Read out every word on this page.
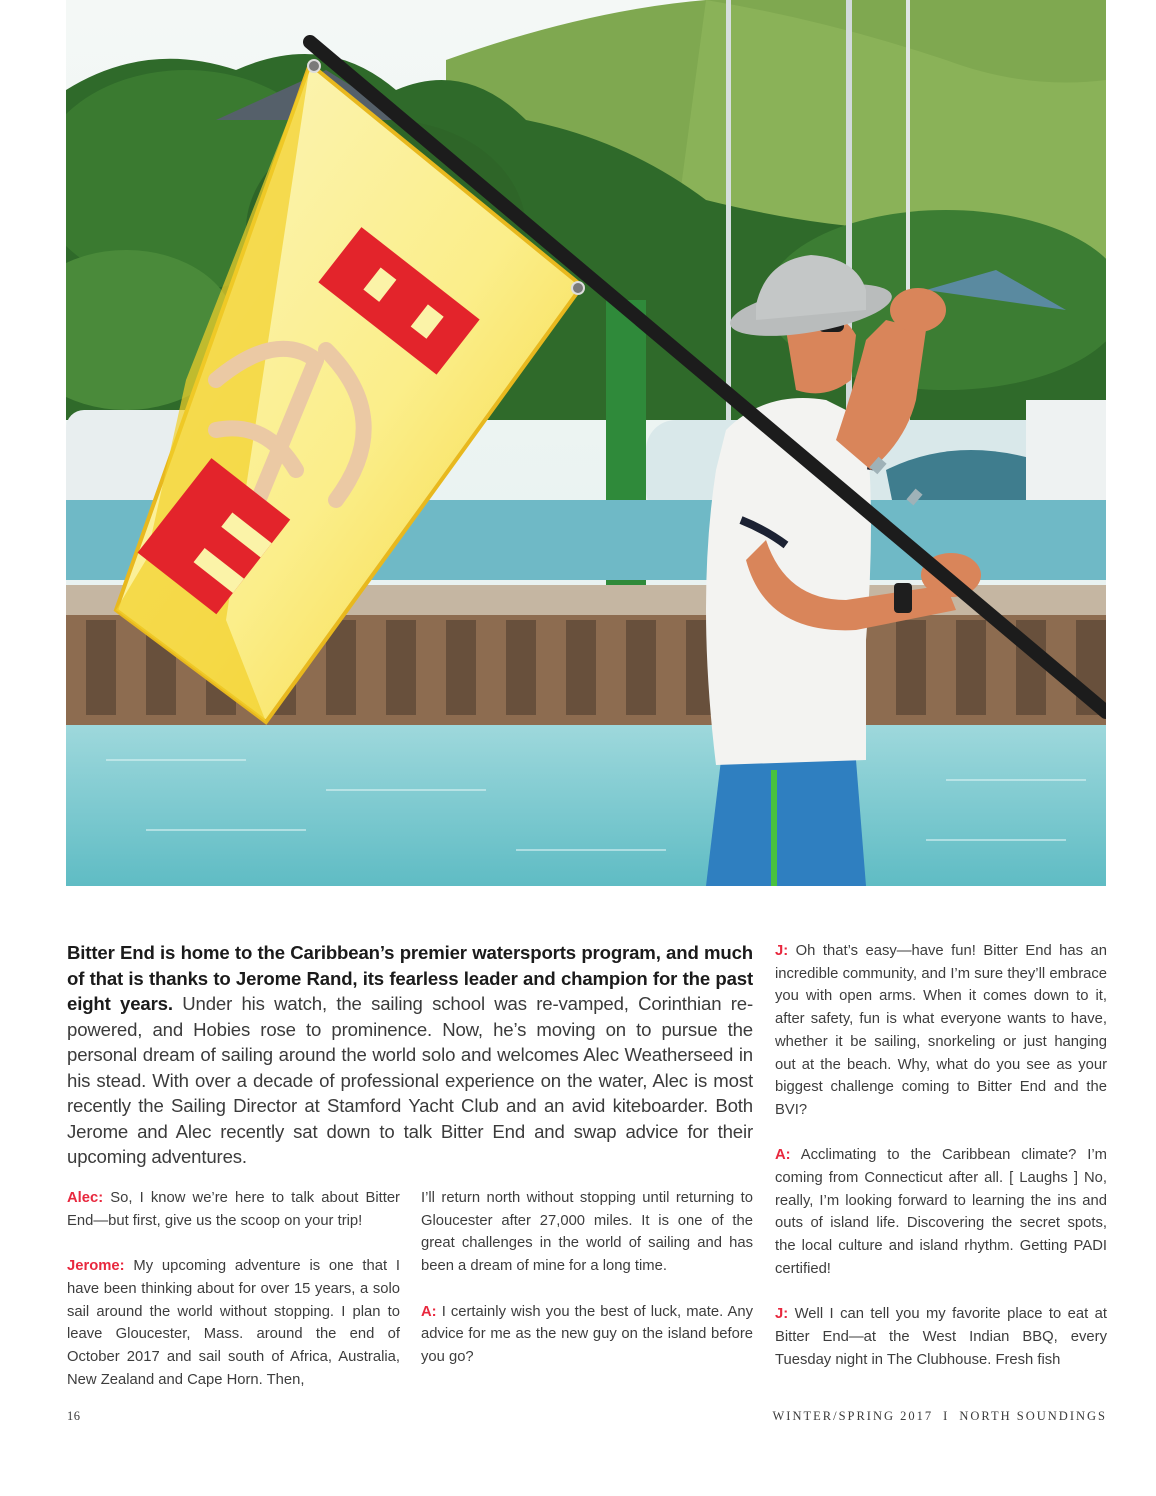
Bitter End is home to the Caribbean’s premier watersports program, and much of that is thanks to Jerome Rand, its fearless leader and champion for the past eight years. Under his watch, the sailing school was re-vamped, Corinthian re-powered, and Hobies rose to prominence. Now, he’s moving on to pursue the personal dream of sailing around the world solo and welcomes Alec Weatherseed in his stead. With over a decade of professional experience on the water, Alec is most recently the Sailing Director at Stamford Yacht Club and an avid kiteboarder. Both Jerome and Alec recently sat down to talk Bitter End and swap advice for their upcoming adventures.

Alec: So, I know we’re here to talk about Bitter End—but first, give us the scoop on your trip!

Jerome: My upcoming adventure is one that I have been thinking about for over 15 years, a solo sail around the world without stopping. I plan to leave Gloucester, Mass. around the end of October 2017 and sail south of Africa, Australia, New Zealand and Cape Horn. Then,

I’ll return north without stopping until returning to Gloucester after 27,000 miles. It is one of the great challenges in the world of sailing and has been a dream of mine for a long time.

A: I certainly wish you the best of luck, mate. Any advice for me as the new guy on the island before you go?

J: Oh that’s easy—have fun! Bitter End has an incredible community, and I’m sure they’ll embrace you with open arms. When it comes down to it, after safety, fun is what everyone wants to have, whether it be sailing, snorkeling or just hanging out at the beach. Why, what do you see as your biggest challenge coming to Bitter End and the BVI?

A: Acclimating to the Caribbean climate? I’m coming from Connecticut after all. [ Laughs ] No, really, I’m looking forward to learning the ins and outs of island life. Discovering the secret spots, the local culture and island rhythm. Getting PADI certified!

J: Well I can tell you my favorite place to eat at Bitter End—at the West Indian BBQ, every Tuesday night in The Clubhouse. Fresh fish

16	WINTER/SPRING 2017 I NORTH SOUNDINGS
